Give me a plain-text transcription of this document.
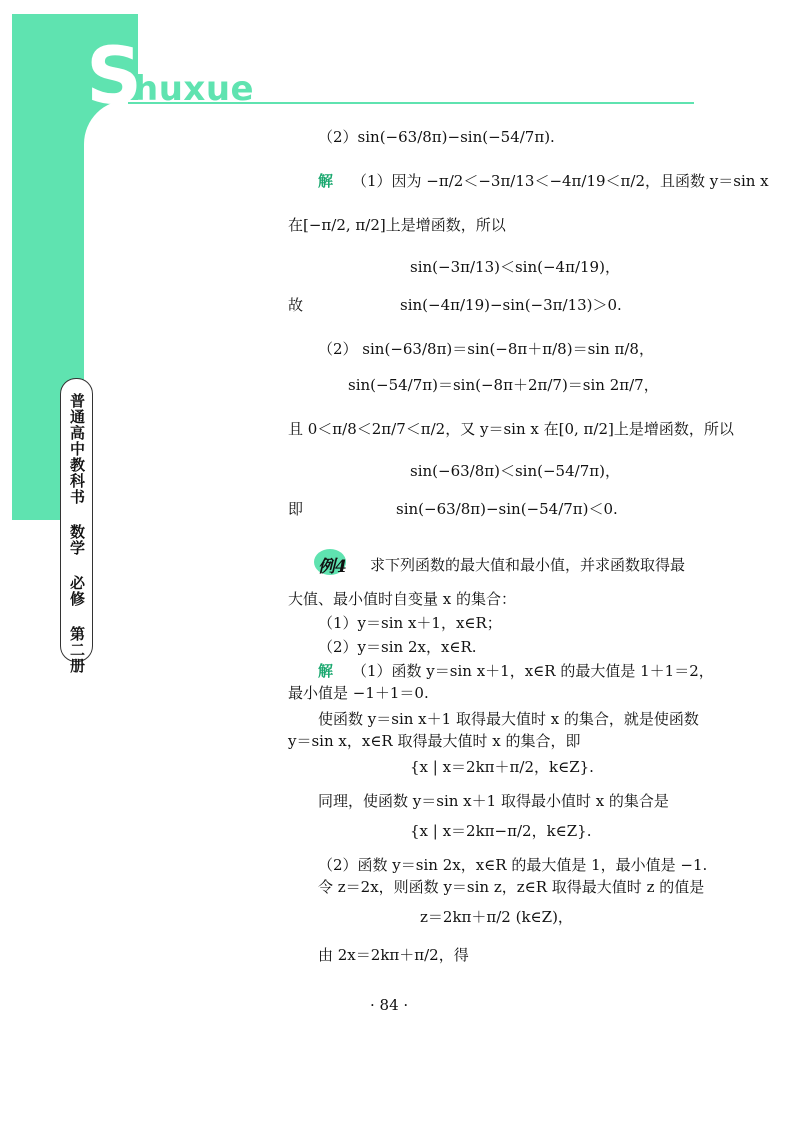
S
huxue
普通高中教科书 数学 必修 第二册
（2）sin(−63/8π)−sin(−54/7π).
解 （1）因为 −π/2＜−3π/13＜−4π/19＜π/2，且函数 y＝sin x
在[−π/2, π/2]上是增函数，所以
sin(−3π/13)＜sin(−4π/19)，
故	sin(−4π/19)−sin(−3π/13)＞0.
（2） sin(−63/8π)＝sin(−8π＋π/8)＝sin π/8，
sin(−54/7π)＝sin(−8π＋2π/7)＝sin 2π/7，
且 0＜π/8＜2π/7＜π/2，又 y＝sin x 在[0, π/2]上是增函数，所以
sin(−63/8π)＜sin(−54/7π)，
即	sin(−63/8π)−sin(−54/7π)＜0.
例4 求下列函数的最大值和最小值，并求函数取得最
大值、最小值时自变量 x 的集合：
（1）y＝sin x＋1，x∈R；
（2）y＝sin 2x，x∈R.
解 （1）函数 y＝sin x＋1，x∈R 的最大值是 1＋1＝2，
最小值是 −1＋1＝0.
使函数 y＝sin x＋1 取得最大值时 x 的集合，就是使函数
y＝sin x，x∈R 取得最大值时 x 的集合，即
{x | x＝2kπ＋π/2，k∈Z}.
同理，使函数 y＝sin x＋1 取得最小值时 x 的集合是
{x | x＝2kπ−π/2，k∈Z}.
（2）函数 y＝sin 2x，x∈R 的最大值是 1，最小值是 −1.
令 z＝2x，则函数 y＝sin z，z∈R 取得最大值时 z 的值是
z＝2kπ＋π/2 (k∈Z)，
由 2x＝2kπ＋π/2，得
· 84 ·
